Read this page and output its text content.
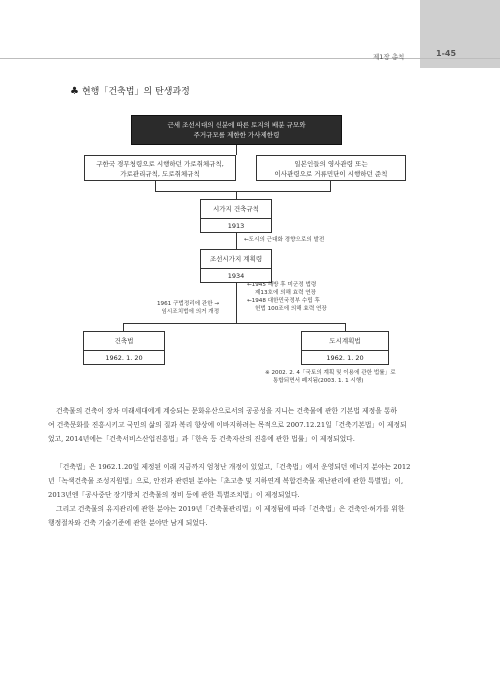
제1장 총칙	1-45
♣ 현행「건축법」의 탄생과정
근세 조선시대의 신분에 따른 토지의 배분 규모와
주거규모를 제한한 가사제한령
구한국 경무청령으로 시행하던 가로취체규칙,
가로관리규칙, 도로취체규칙
일본인들의 영사관령 또는
이사관령으로 거류민단이 시행하던 준칙
시가지 건축규칙
1913
←도시의 근대화 경향으로의 발전
조선시가지 계획령
1934
←1945 해방 후 미군정 법령
제13호에 의해 효력 연장
←1948 대한민국정부 수립 후
헌법 100조에 의해 효력 연장
1961 구법정리에 관한 →
임시조치법에 의거 개정
건축법
1962. 1. 20
도시계획법
1962. 1. 20
※ 2002. 2. 4「국토의 계획 및 이용에 관한 법률」로
통합되면서 폐지됨(2003. 1. 1 시행)
건축물의 건축이 장차 미래세대에게 계승되는 문화유산으로서의 공공성을 지니는 건축물에 관한 기본법 제정을 통하
여 건축문화를 진흥시키고 국민의 삶의 질과 복리 향상에 이바지하려는 목적으로 2007.12.21일「건축기본법」이 제정되
었고, 2014년에는「건축서비스산업진흥법」과「한옥 등 건축자산의 진흥에 관한 법률」이 제정되었다.
「건축법」은 1962.1.20일 제정된 이래 지금까지 엄청난 개정이 있었고,「건축법」에서 운영되던 에너지 분야는 2012
년「녹색건축물 조성지원법」으로, 안전과 관련된 분야는「초고층 및 지하연계 복합건축물 재난관리에 관한 특별법」이,
2013년엔「공사중단 장기방치 건축물의 정비 등에 관한 특별조치법」이 제정되었다.
그리고 건축물의 유지관리에 관한 분야는 2019년「건축물관리법」이 제정됨에 따라「건축법」은 건축인·허가를 위한
행정절차와 건축 기술기준에 관한 분야만 남게 되었다.
